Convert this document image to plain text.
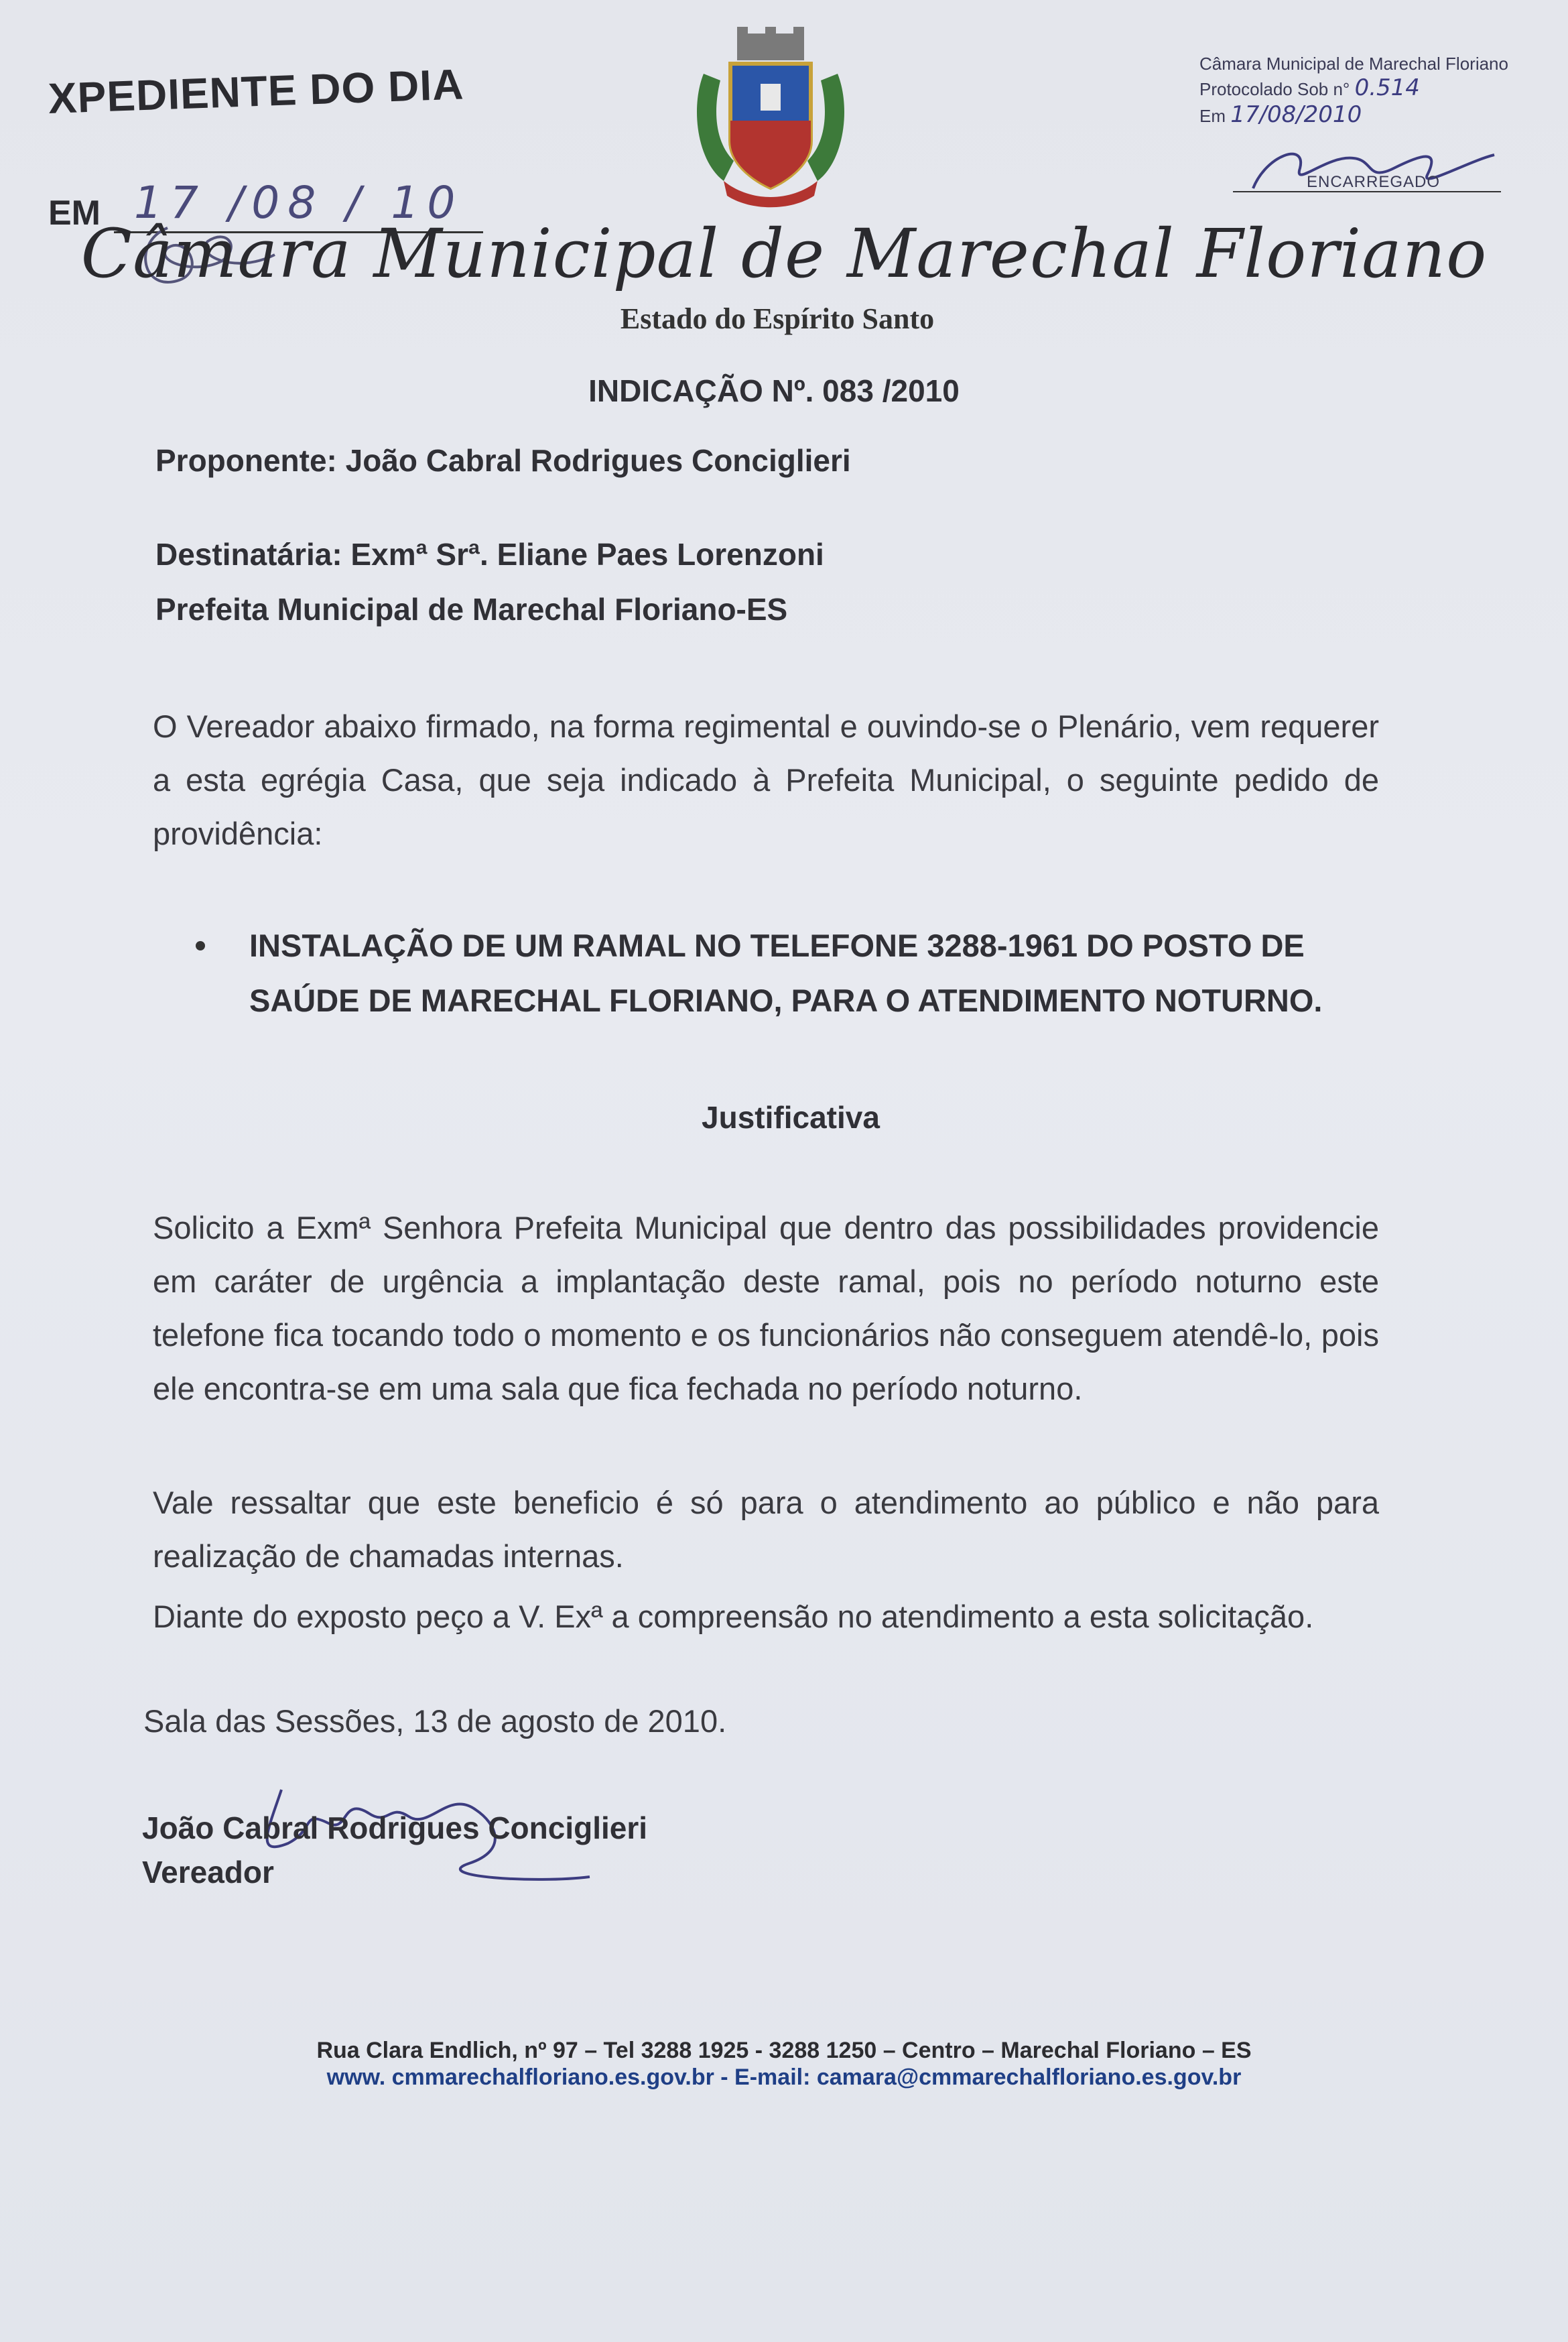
XPEDIENTE DO DIA
EM 17 /08 / 10
Câmara Municipal de Marechal Floriano
Protocolado Sob n° 0.514
Em 17/08/2010
ENCARREGADO
Câmara Municipal de Marechal Floriano
Estado do Espírito Santo
INDICAÇÃO Nº. 083 /2010
Proponente: João Cabral Rodrigues Conciglieri
Destinatária: Exmª Srª. Eliane Paes Lorenzoni
Prefeita Municipal de Marechal Floriano-ES
O Vereador abaixo firmado, na forma regimental e ouvindo-se o Plenário, vem requerer a esta egrégia Casa, que seja indicado à Prefeita Municipal, o seguinte pedido de providência:
INSTALAÇÃO DE UM RAMAL NO TELEFONE 3288-1961 DO POSTO DE SAÚDE DE MARECHAL FLORIANO, PARA O ATENDIMENTO NOTURNO.
Justificativa
Solicito a Exmª Senhora Prefeita Municipal que dentro das possibilidades providencie em caráter de urgência a implantação deste ramal, pois no período noturno este telefone fica tocando todo o momento e os funcionários não conseguem atendê-lo, pois ele encontra-se em uma sala que fica fechada no período noturno.
Vale ressaltar que este beneficio é só para o atendimento ao público e não para realização de chamadas internas.
Diante do exposto peço a V. Exª a compreensão no atendimento a esta solicitação.
Sala das Sessões, 13 de agosto de 2010.
João Cabral Rodrigues Conciglieri
Vereador
Rua Clara Endlich, nº 97 – Tel 3288 1925 - 3288 1250 – Centro – Marechal Floriano – ES
www. cmmarechalfloriano.es.gov.br - E-mail: camara@cmmarechalfloriano.es.gov.br
